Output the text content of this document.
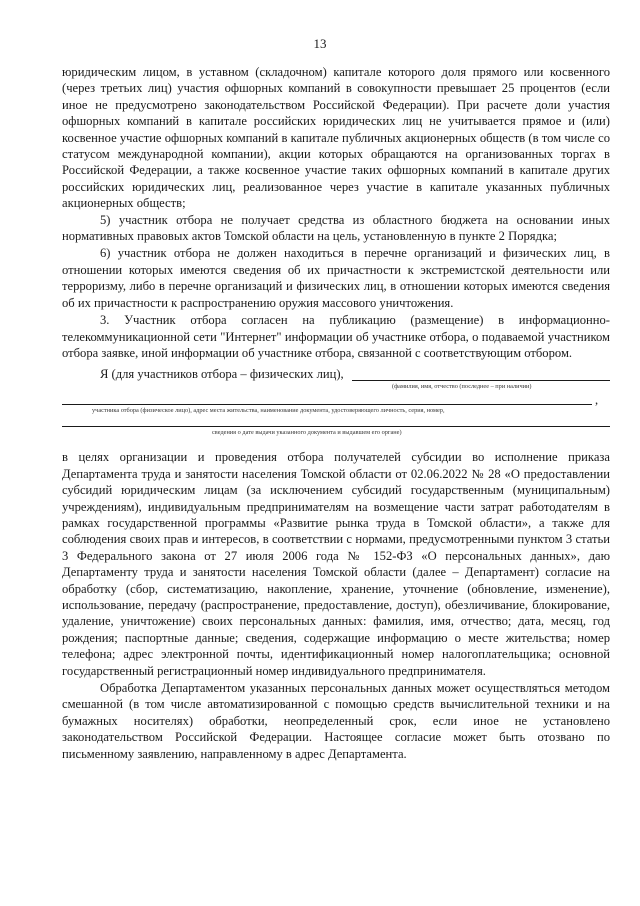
13

юридическим лицом, в уставном (складочном) капитале которого доля прямого или косвенного (через третьих лиц) участия офшорных компаний в совокупности превышает 25 процентов (если иное не предусмотрено законодательством Российской Федерации). При расчете доли участия офшорных компаний в капитале российских юридических лиц не учитывается прямое и (или) косвенное участие офшорных компаний в капитале публичных акционерных обществ (в том числе со статусом международной компании), акции которых обращаются на организованных торгах в Российской Федерации, а также косвенное участие таких офшорных компаний в капитале других российских юридических лиц, реализованное через участие в капитале указанных публичных акционерных обществ;

5) участник отбора не получает средства из областного бюджета на основании иных нормативных правовых актов Томской области на цель, установленную в пункте 2 Порядка;

6) участник отбора не должен находиться в перечне организаций и физических лиц, в отношении которых имеются сведения об их причастности к экстремистской деятельности или терроризму, либо в перечне организаций и физических лиц, в отношении которых имеются сведения об их причастности к распространению оружия массового уничтожения.

3. Участник отбора согласен на публикацию (размещение) в информационно-телекоммуникационной сети "Интернет" информации об участнике отбора, о подаваемой участником отбора заявке, иной информации об участнике отбора, связанной с соответствующим отбором.

Я (для участников отбора – физических лиц),
(фамилия, имя, отчество (последнее – при наличии)
,
участника отбора (физическое лицо), адрес места жительства, наименование документа, удостоверяющего личность, серия, номер,
сведения о дате выдачи указанного документа и выдавшем его органе)

в целях организации и проведения отбора получателей субсидии во исполнение приказа Департамента труда и занятости населения Томской области от 02.06.2022 № 28 «О предоставлении субсидий юридическим лицам (за исключением субсидий государственным (муниципальным) учреждениям), индивидуальным предпринимателям на возмещение части затрат работодателям в рамках государственной программы «Развитие рынка труда в Томской области», а также для соблюдения своих прав и интересов, в соответствии с нормами, предусмотренными пунктом 3 статьи 3 Федерального закона от 27 июля 2006 года № 152-ФЗ «О персональных данных», даю Департаменту труда и занятости населения Томской области (далее – Департамент) согласие на обработку (сбор, систематизацию, накопление, хранение, уточнение (обновление, изменение), использование, передачу (распространение, предоставление, доступ), обезличивание, блокирование, удаление, уничтожение) своих персональных данных: фамилия, имя, отчество; дата, месяц, год рождения; паспортные данные; сведения, содержащие информацию о месте жительства; номер телефона; адрес электронной почты, идентификационный номер налогоплательщика; основной государственный регистрационный номер индивидуального предпринимателя.

Обработка Департаментом указанных персональных данных может осуществляться методом смешанной (в том числе автоматизированной с помощью средств вычислительной техники и на бумажных носителях) обработки, неопределенный срок, если иное не установлено законодательством Российской Федерации. Настоящее согласие может быть отозвано по письменному заявлению, направленному в адрес Департамента.
